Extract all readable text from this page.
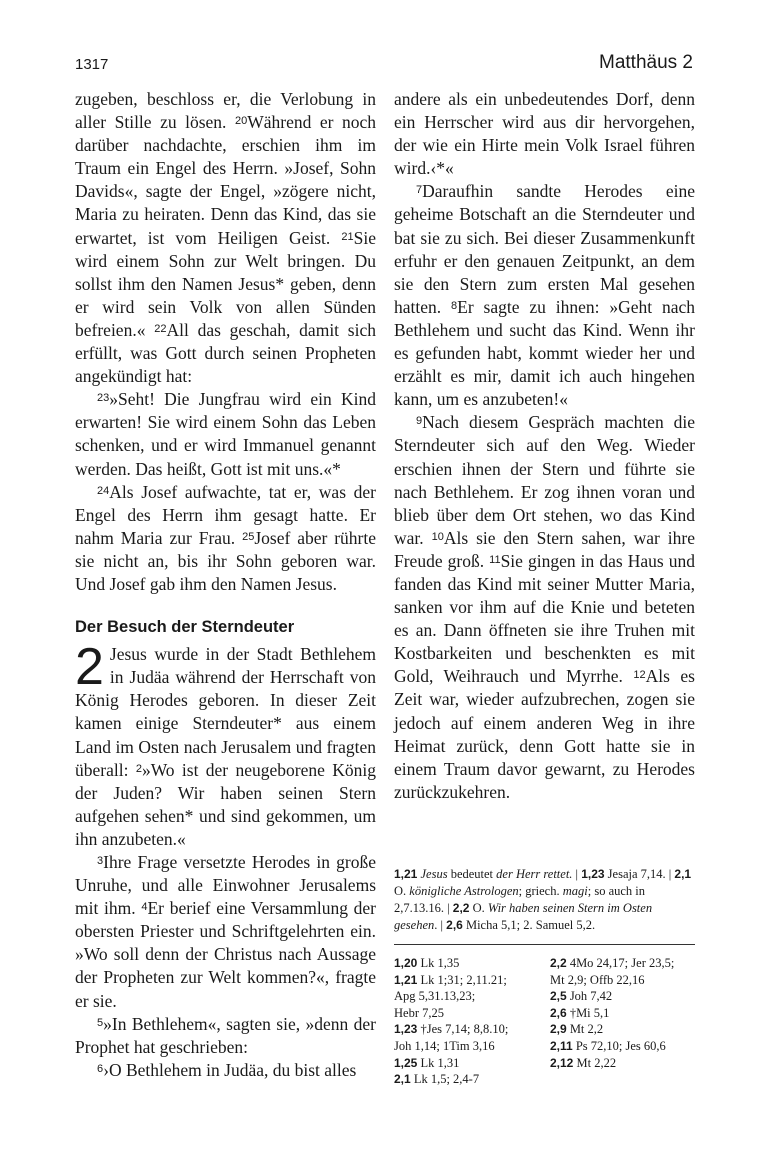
1317	Matthäus 2

zugeben, beschloss er, die Verlobung in aller Stille zu lösen. $^{20}$Während er noch darüber nachdachte, erschien ihm im Traum ein Engel des Herrn. »Josef, Sohn Davids«, sagte der Engel, »zögere nicht, Maria zu heiraten. Denn das Kind, das sie erwartet, ist vom Heiligen Geist. $^{21}$Sie wird einem Sohn zur Welt bringen. Du sollst ihm den Namen Jesus* geben, denn er wird sein Volk von allen Sünden befreien.« $^{22}$All das geschah, damit sich erfüllt, was Gott durch seinen Propheten angekündigt hat:

$^{23}$»Seht! Die Jungfrau wird ein Kind erwarten! Sie wird einem Sohn das Leben schenken, und er wird Immanuel genannt werden. Das heißt, Gott ist mit uns.«*

$^{24}$Als Josef aufwachte, tat er, was der Engel des Herrn ihm gesagt hatte. Er nahm Maria zur Frau. $^{25}$Josef aber rührte sie nicht an, bis ihr Sohn geboren war. Und Josef gab ihm den Namen Jesus.

Der Besuch der Sterndeuter

2 Jesus wurde in der Stadt Bethlehem in Judäa während der Herrschaft von König Herodes geboren. In dieser Zeit kamen einige Sterndeuter* aus einem Land im Osten nach Jerusalem und fragten überall: $^2$»Wo ist der neugeborene König der Juden? Wir haben seinen Stern aufgehen sehen* und sind gekommen, um ihn anzubeten.«

$^3$Ihre Frage versetzte Herodes in große Unruhe, und alle Einwohner Jerusalems mit ihm. $^4$Er berief eine Versammlung der obersten Priester und Schriftgelehrten ein. »Wo soll denn der Christus nach Aussage der Propheten zur Welt kommen?«, fragte er sie.

$^5$»In Bethlehem«, sagten sie, »denn der Prophet hat geschrieben:

$^6$›O Bethlehem in Judäa, du bist alles

andere als ein unbedeutendes Dorf, denn ein Herrscher wird aus dir hervorgehen, der wie ein Hirte mein Volk Israel führen wird.‹*«

$^7$Daraufhin sandte Herodes eine geheime Botschaft an die Sterndeuter und bat sie zu sich. Bei dieser Zusammenkunft erfuhr er den genauen Zeitpunkt, an dem sie den Stern zum ersten Mal gesehen hatten. $^8$Er sagte zu ihnen: »Geht nach Bethlehem und sucht das Kind. Wenn ihr es gefunden habt, kommt wieder her und erzählt es mir, damit ich auch hingehen kann, um es anzubeten!«

$^9$Nach diesem Gespräch machten die Sterndeuter sich auf den Weg. Wieder erschien ihnen der Stern und führte sie nach Bethlehem. Er zog ihnen voran und blieb über dem Ort stehen, wo das Kind war. $^{10}$Als sie den Stern sahen, war ihre Freude groß. $^{11}$Sie gingen in das Haus und fanden das Kind mit seiner Mutter Maria, sanken vor ihm auf die Knie und beteten es an. Dann öffneten sie ihre Truhen mit Kostbarkeiten und beschenkten es mit Gold, Weihrauch und Myrrhe. $^{12}$Als es Zeit war, wieder aufzubrechen, zogen sie jedoch auf einem anderen Weg in ihre Heimat zurück, denn Gott hatte sie in einem Traum davor gewarnt, zu Herodes zurückzukehren.

1,21 Jesus bedeutet der Herr rettet. | 1,23 Jesaja 7,14. | 2,1 O. königliche Astrologen; griech. magi; so auch in 2,7.13.16. | 2,2 O. Wir haben seinen Stern im Osten gesehen. | 2,6 Micha 5,1; 2. Samuel 5,2.
1,20 Lk 1,35
1,21 Lk 1;31; 2,11.21;
Apg 5,31.13,23;
Hebr 7,25
1,23 †Jes 7,14; 8,8.10;
Joh 1,14; 1Tim 3,16
1,25 Lk 1,31
2,1 Lk 1,5; 2,4-7
2,2 4Mo 24,17; Jer 23,5;
Mt 2,9; Offb 22,16
2,5 Joh 7,42
2,6 †Mi 5,1
2,9 Mt 2,2
2,11 Ps 72,10; Jes 60,6
2,12 Mt 2,22
